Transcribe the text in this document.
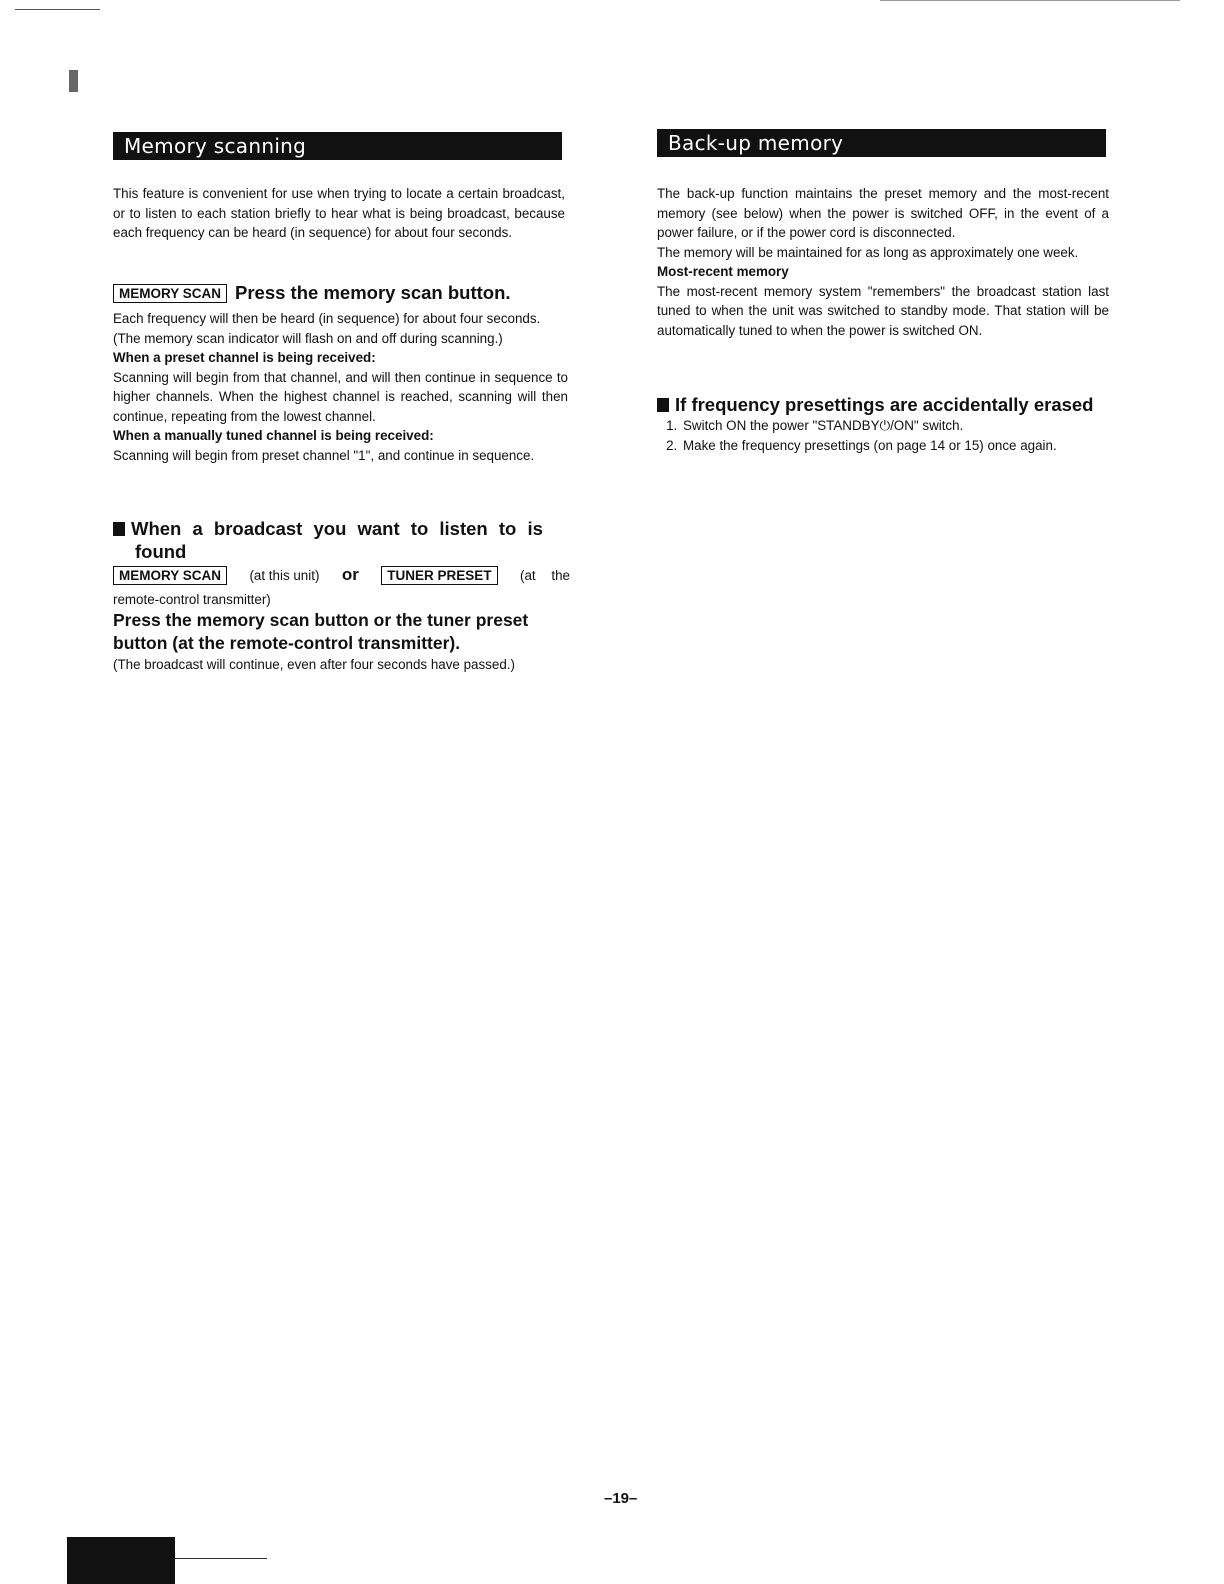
Memory scanning
This feature is convenient for use when trying to locate a certain broadcast, or to listen to each station briefly to hear what is being broadcast, because each frequency can be heard (in sequence) for about four seconds.
MEMORY SCAN Press the memory scan button.

Each frequency will then be heard (in sequence) for about four seconds.

(The memory scan indicator will flash on and off during scanning.)

When a preset channel is being received:

Scanning will begin from that channel, and will then continue in sequence to higher channels. When the highest channel is reached, scanning will then continue, repeating from the lowest channel.

When a manually tuned channel is being received:

Scanning will begin from preset channel "1", and continue in sequence.

When a broadcast you want to listen to is
found
MEMORY SCAN	(at this unit) or	TUNER PRESET	(at the
remote-control transmitter)
Press the memory scan button or the tuner preset button (at the remote-control transmitter).
(The broadcast will continue, even after four seconds have passed.)
Back-up memory

The back-up function maintains the preset memory and the most-recent memory (see below) when the power is switched OFF, in the event of a power failure, or if the power cord is disconnected.

The memory will be maintained for as long as approximately one week.

Most-recent memory

The most-recent memory system "remembers" the broadcast station last tuned to when the unit was switched to standby mode. That station will be automatically tuned to when the power is switched ON.

If frequency presettings are accidentally erased
1. Switch ON the power "STANDBY⏻/ON" switch.
2. Make the frequency presettings (on page 14 or 15) once again.
–19–
